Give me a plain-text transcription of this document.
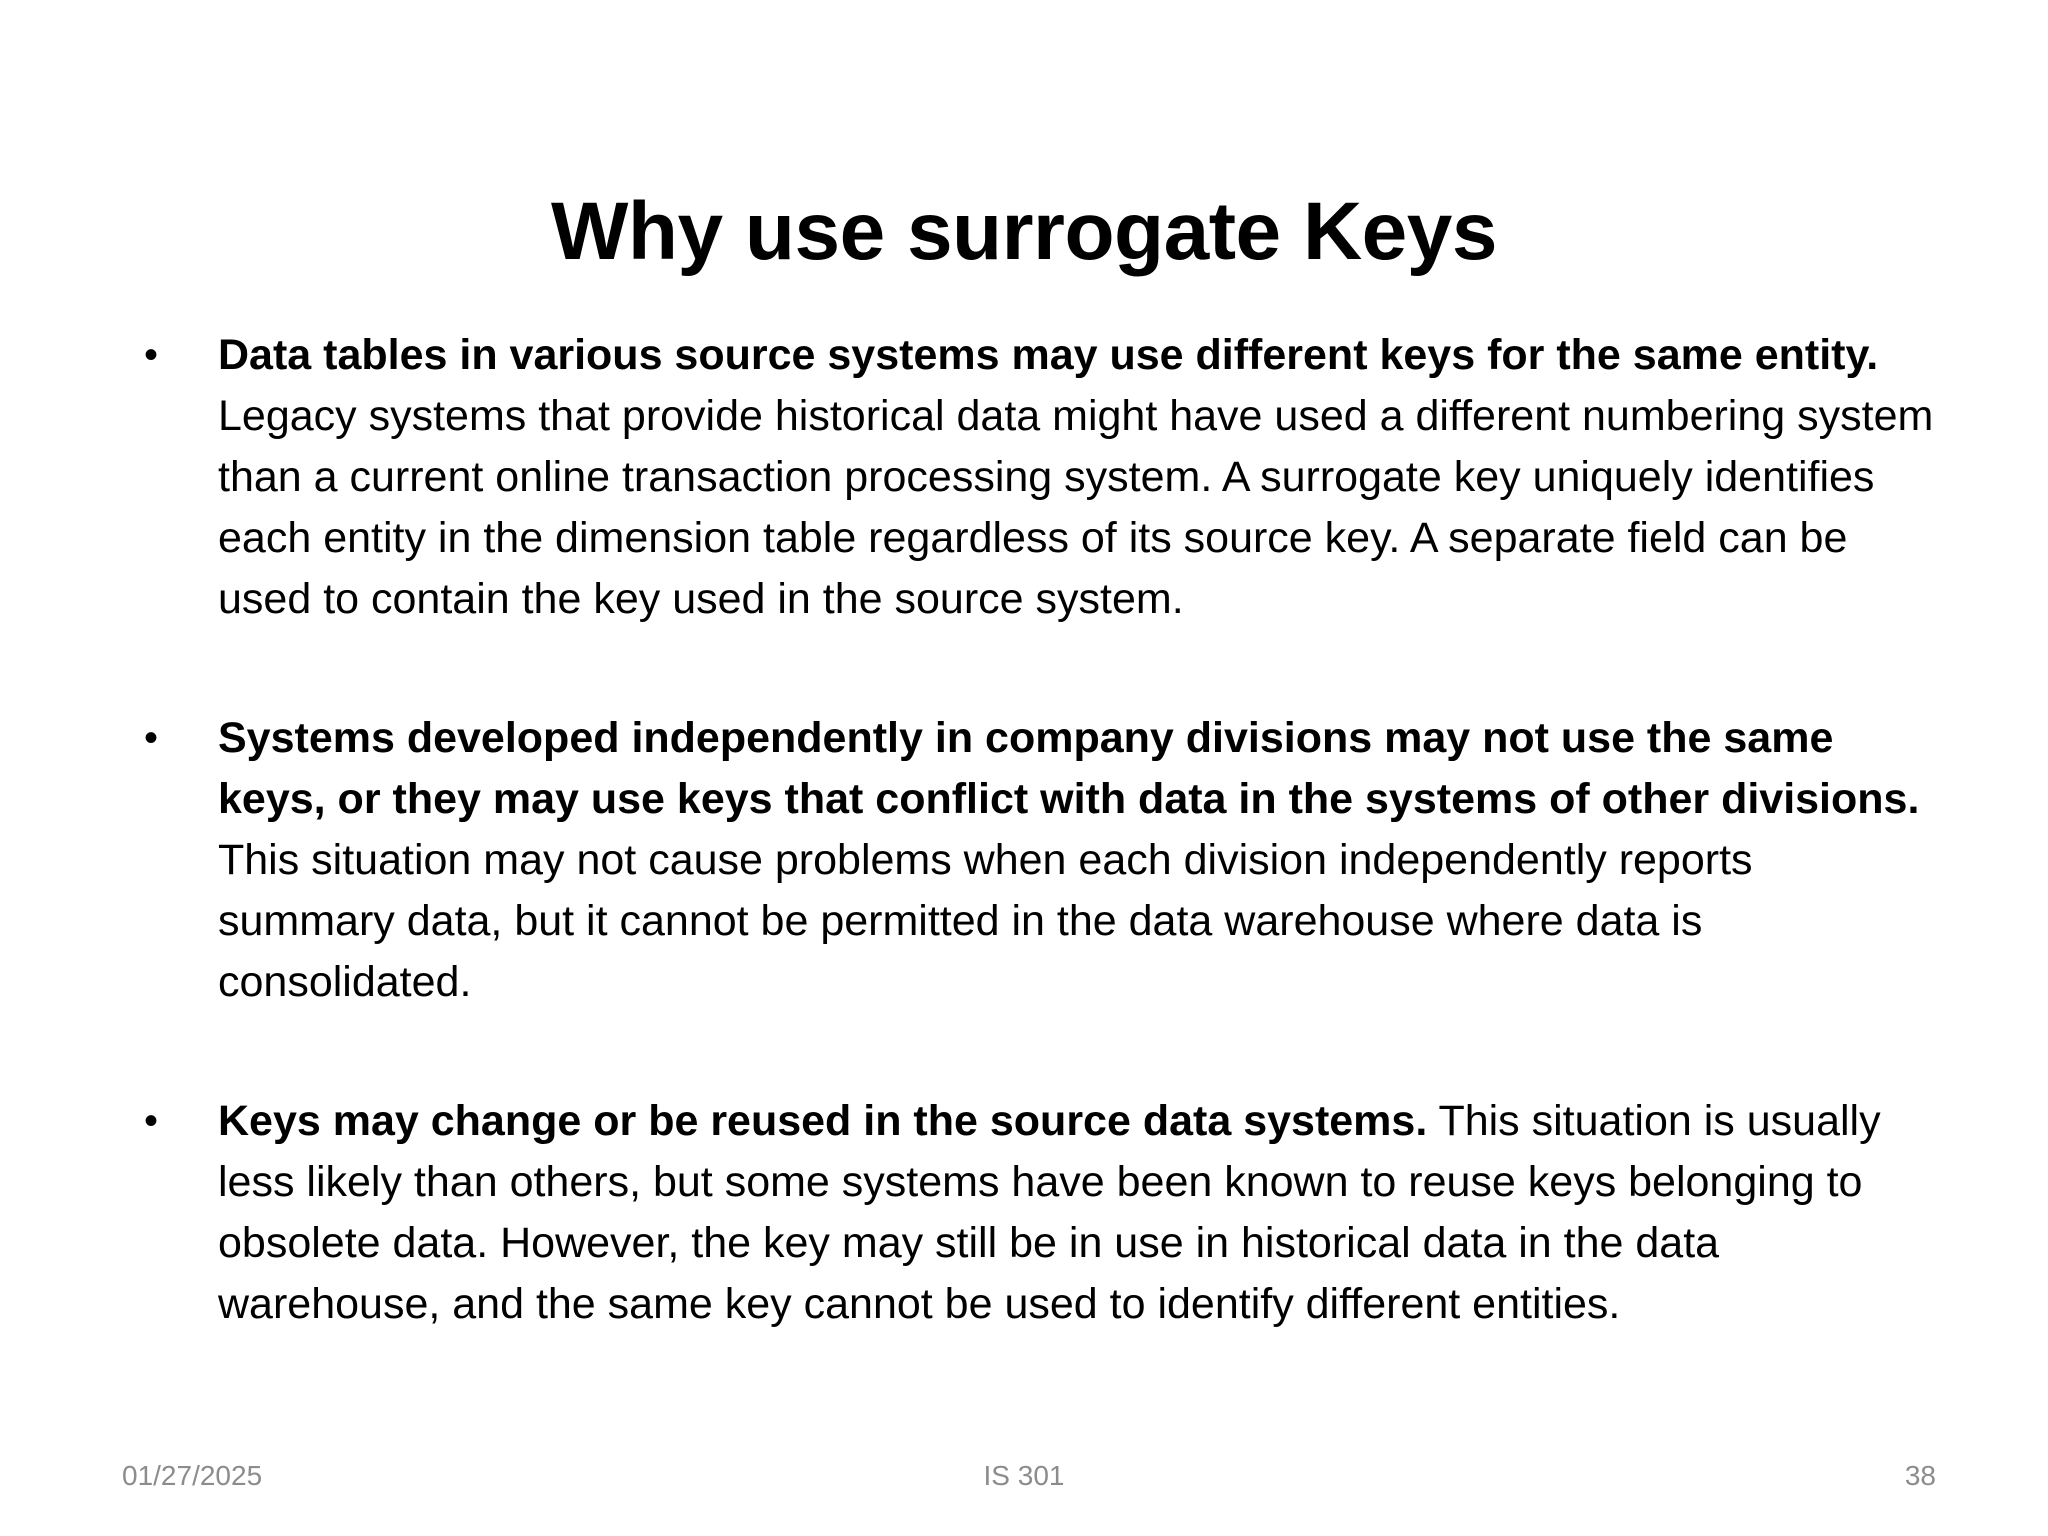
Why use surrogate Keys
• Data tables in various source systems may use different keys for the same entity. Legacy systems that provide historical data might have used a different numbering system than a current online transaction processing system. A surrogate key uniquely identifies each entity in the dimension table regardless of its source key. A separate field can be used to contain the key used in the source system.
• Systems developed independently in company divisions may not use the same keys, or they may use keys that conflict with data in the systems of other divisions. This situation may not cause problems when each division independently reports summary data, but it cannot be permitted in the data warehouse where data is consolidated.
• Keys may change or be reused in the source data systems. This situation is usually less likely than others, but some systems have been known to reuse keys belonging to obsolete data. However, the key may still be in use in historical data in the data warehouse, and the same key cannot be used to identify different entities.
01/27/2025	IS 301	38
